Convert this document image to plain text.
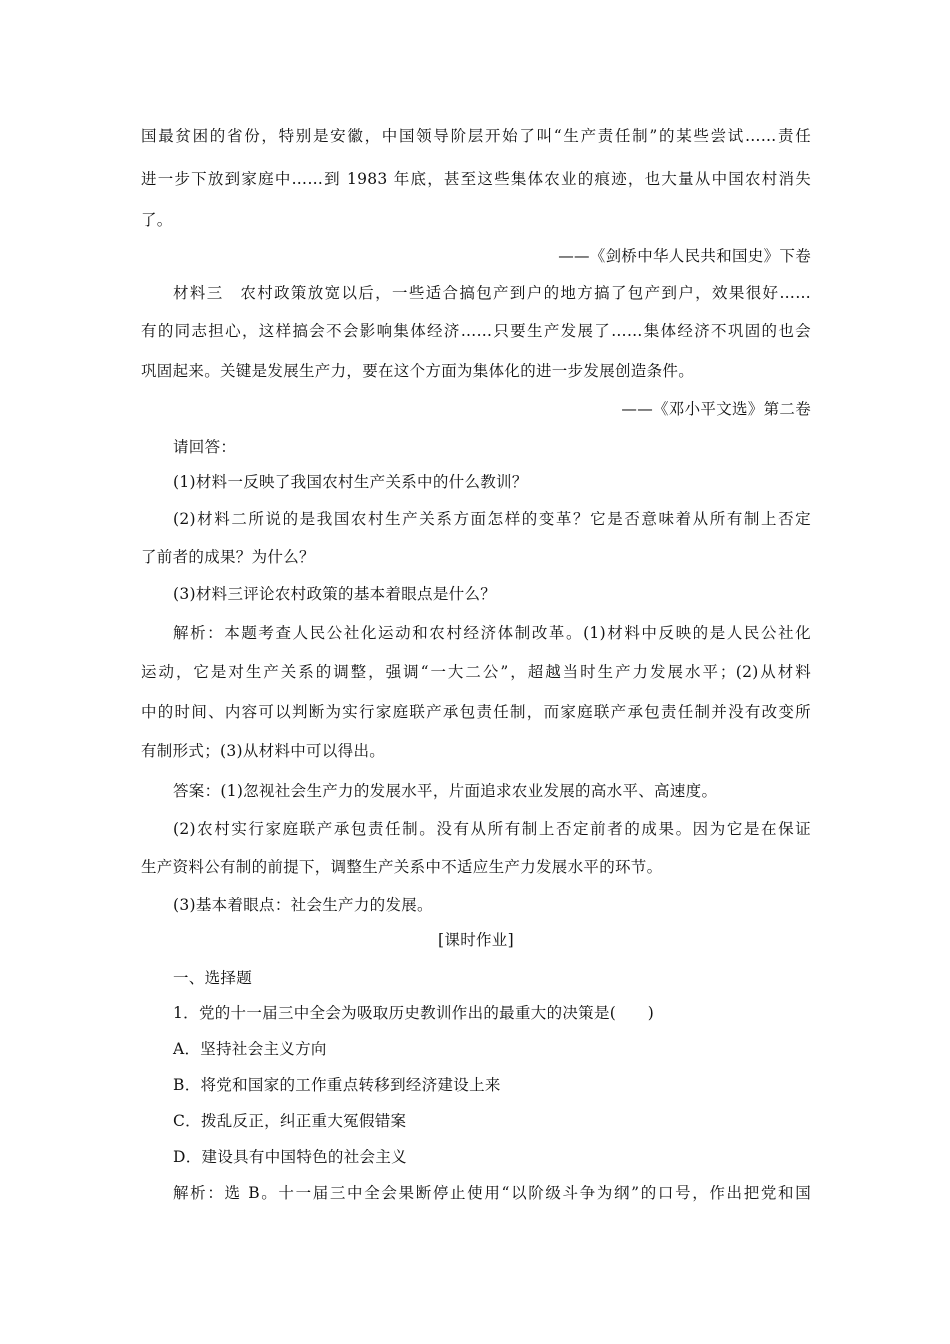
国最贫困的省份，特别是安徽，中国领导阶层开始了叫“生产责任制”的某些尝试……责任
进一步下放到家庭中……到 1983 年底，甚至这些集体农业的痕迹，也大量从中国农村消失
了。
——《剑桥中华人民共和国史》下卷
材料三　农村政策放宽以后，一些适合搞包产到户的地方搞了包产到户，效果很好……
有的同志担心，这样搞会不会影响集体经济……只要生产发展了……集体经济不巩固的也会
巩固起来。关键是发展生产力，要在这个方面为集体化的进一步发展创造条件。
——《邓小平文选》第二卷
请回答：
(1)材料一反映了我国农村生产关系中的什么教训？
(2)材料二所说的是我国农村生产关系方面怎样的变革？它是否意味着从所有制上否定
了前者的成果？为什么？
(3)材料三评论农村政策的基本着眼点是什么？
解析：本题考查人民公社化运动和农村经济体制改革。(1)材料中反映的是人民公社化
运动，它是对生产关系的调整，强调“一大二公”，超越当时生产力发展水平；(2)从材料
中的时间、内容可以判断为实行家庭联产承包责任制，而家庭联产承包责任制并没有改变所
有制形式；(3)从材料中可以得出。
答案：(1)忽视社会生产力的发展水平，片面追求农业发展的高水平、高速度。
(2)农村实行家庭联产承包责任制。没有从所有制上否定前者的成果。因为它是在保证
生产资料公有制的前提下，调整生产关系中不适应生产力发展水平的环节。
(3)基本着眼点：社会生产力的发展。
[课时作业]
一、选择题
1．党的十一届三中全会为吸取历史教训作出的最重大的决策是(　　)
A．坚持社会主义方向
B．将党和国家的工作重点转移到经济建设上来
C．拨乱反正，纠正重大冤假错案
D．建设具有中国特色的社会主义
解析：选 B。十一届三中全会果断停止使用“以阶级斗争为纲”的口号，作出把党和国
